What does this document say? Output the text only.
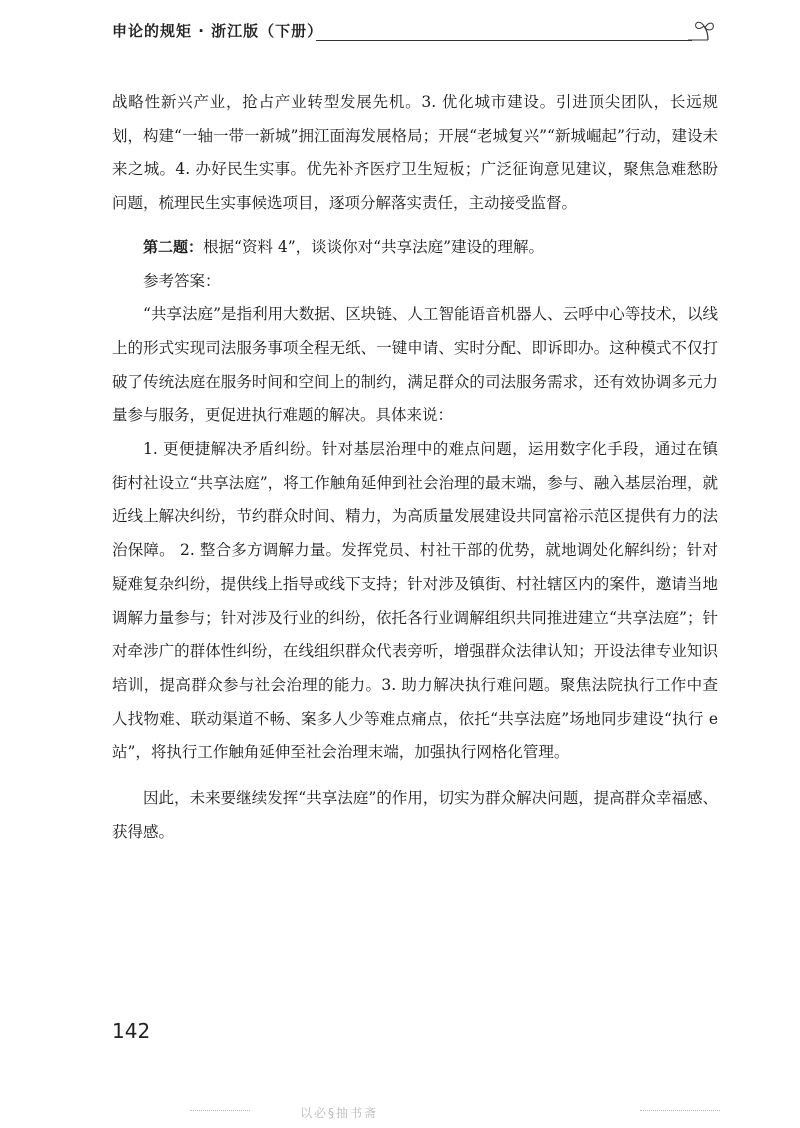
申论的规矩 · 浙江版（下册）

战略性新兴产业，抢占产业转型发展先机。3. 优化城市建设。引进顶尖团队，长远规划，构建“一轴一带一新城”拥江面海发展格局；开展“老城复兴”“新城崛起”行动，建设未来之城。4. 办好民生实事。优先补齐医疗卫生短板；广泛征询意见建议，聚焦急难愁盼问题，梳理民生实事候选项目，逐项分解落实责任，主动接受监督。

第二题：根据“资料 4”，谈谈你对“共享法庭”建设的理解。

参考答案：

“共享法庭”是指利用大数据、区块链、人工智能语音机器人、云呼中心等技术，以线上的形式实现司法服务事项全程无纸、一键申请、实时分配、即诉即办。这种模式不仅打破了传统法庭在服务时间和空间上的制约，满足群众的司法服务需求，还有效协调多元力量参与服务，更促进执行难题的解决。具体来说：

1. 更便捷解决矛盾纠纷。针对基层治理中的难点问题，运用数字化手段，通过在镇街村社设立“共享法庭”，将工作触角延伸到社会治理的最末端，参与、融入基层治理，就近线上解决纠纷，节约群众时间、精力，为高质量发展建设共同富裕示范区提供有力的法治保障。 2. 整合多方调解力量。发挥党员、村社干部的优势，就地调处化解纠纷；针对疑难复杂纠纷，提供线上指导或线下支持；针对涉及镇街、村社辖区内的案件，邀请当地调解力量参与；针对涉及行业的纠纷，依托各行业调解组织共同推进建立“共享法庭”；针对牵涉广的群体性纠纷，在线组织群众代表旁听，增强群众法律认知；开设法律专业知识培训，提高群众参与社会治理的能力。3. 助力解决执行难问题。聚焦法院执行工作中查人找物难、联动渠道不畅、案多人少等难点痛点，依托“共享法庭”场地同步建设“执行 e 站”，将执行工作触角延伸至社会治理末端，加强执行网格化管理。

因此，未来要继续发挥“共享法庭”的作用，切实为群众解决问题，提高群众幸福感、获得感。

142
以必§抽书斋
